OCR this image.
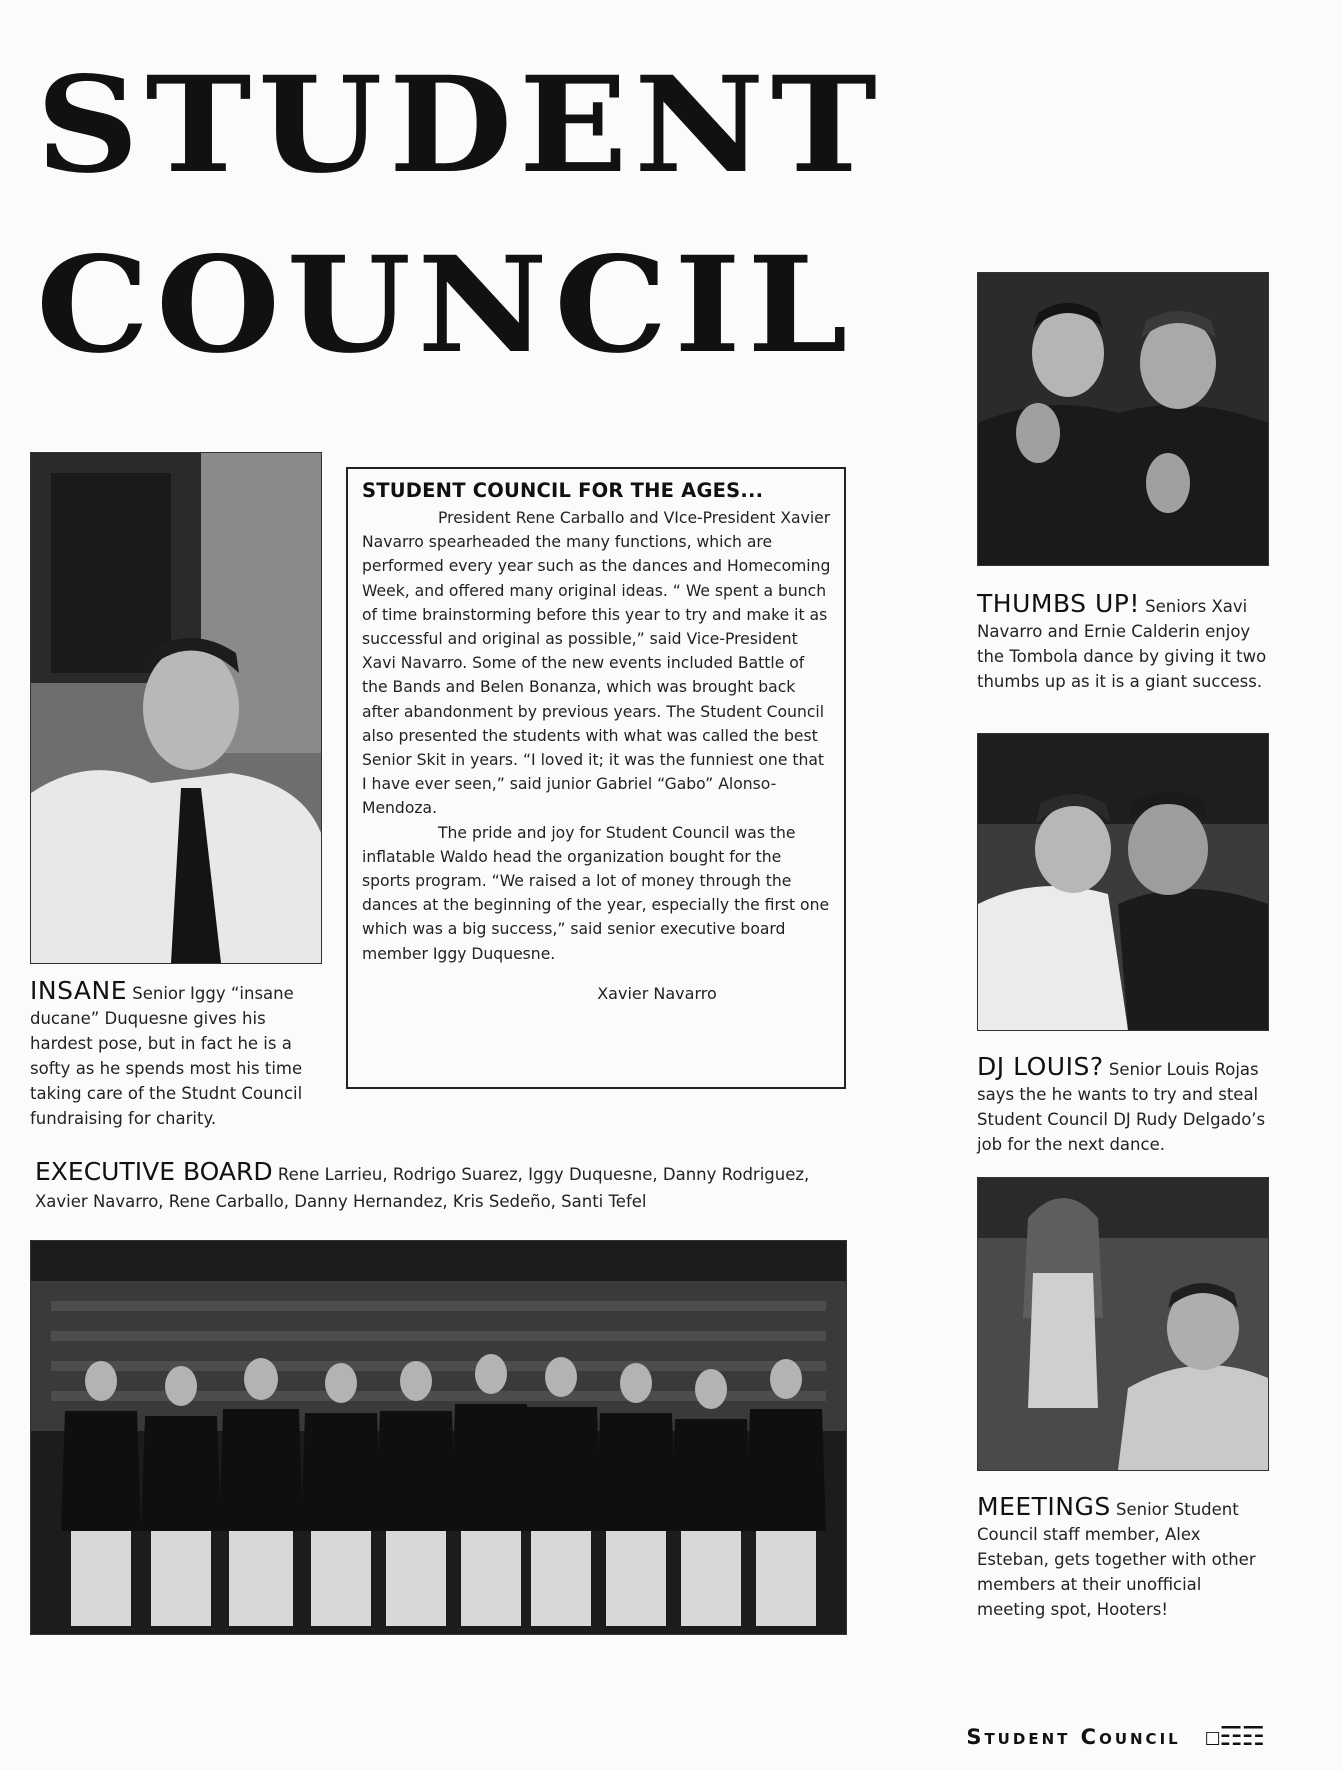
STUDENT
COUNCIL

STUDENT COUNCIL FOR THE AGES...

President Rene Carballo and VIce-President Xavier Navarro spearheaded the many functions, which are performed every year such as the dances and Homecoming Week, and offered many original ideas. “ We spent a bunch of time brainstorming before this year to try and make it as successful and original as possible,” said Vice-President Xavi Navarro. Some of the new events included Battle of the Bands and Belen Bonanza, which was brought back after abandonment by previous years. The Student Council also presented the students with what was called the best Senior Skit in years. “I loved it; it was the funniest one that I have ever seen,” said junior Gabriel “Gabo” Alonso-Mendoza.

The pride and joy for Student Council was the inflatable Waldo head the organization bought for the sports program. “We raised a lot of money through the dances at the beginning of the year, especially the first one which was a big success,” said senior executive board member Iggy Duquesne.

Xavier Navarro

INSANE Senior Iggy “insane ducane” Duquesne gives his hardest pose, but in fact he is a softy as he spends most his time taking care of the Studnt Council fundraising for charity.

THUMBS UP! Seniors Xavi Navarro and Ernie Calderin enjoy the Tombola dance by giving it two thumbs up as it is a giant success.

DJ LOUIS? Senior Louis Rojas says the he wants to try and steal Student Council DJ Rudy Delgado’s job for the next dance.

MEETINGS Senior Student Council staff member, Alex Esteban, gets together with other members at their unofficial meeting spot, Hooters!

EXECUTIVE BOARD Rene Larrieu, Rodrigo Suarez, Iggy Duquesne, Danny Rodriguez, Xavier Navarro, Rene Carballo, Danny Hernandez, Kris Sedeño, Santi Tefel

Student Council ☐☶☶
